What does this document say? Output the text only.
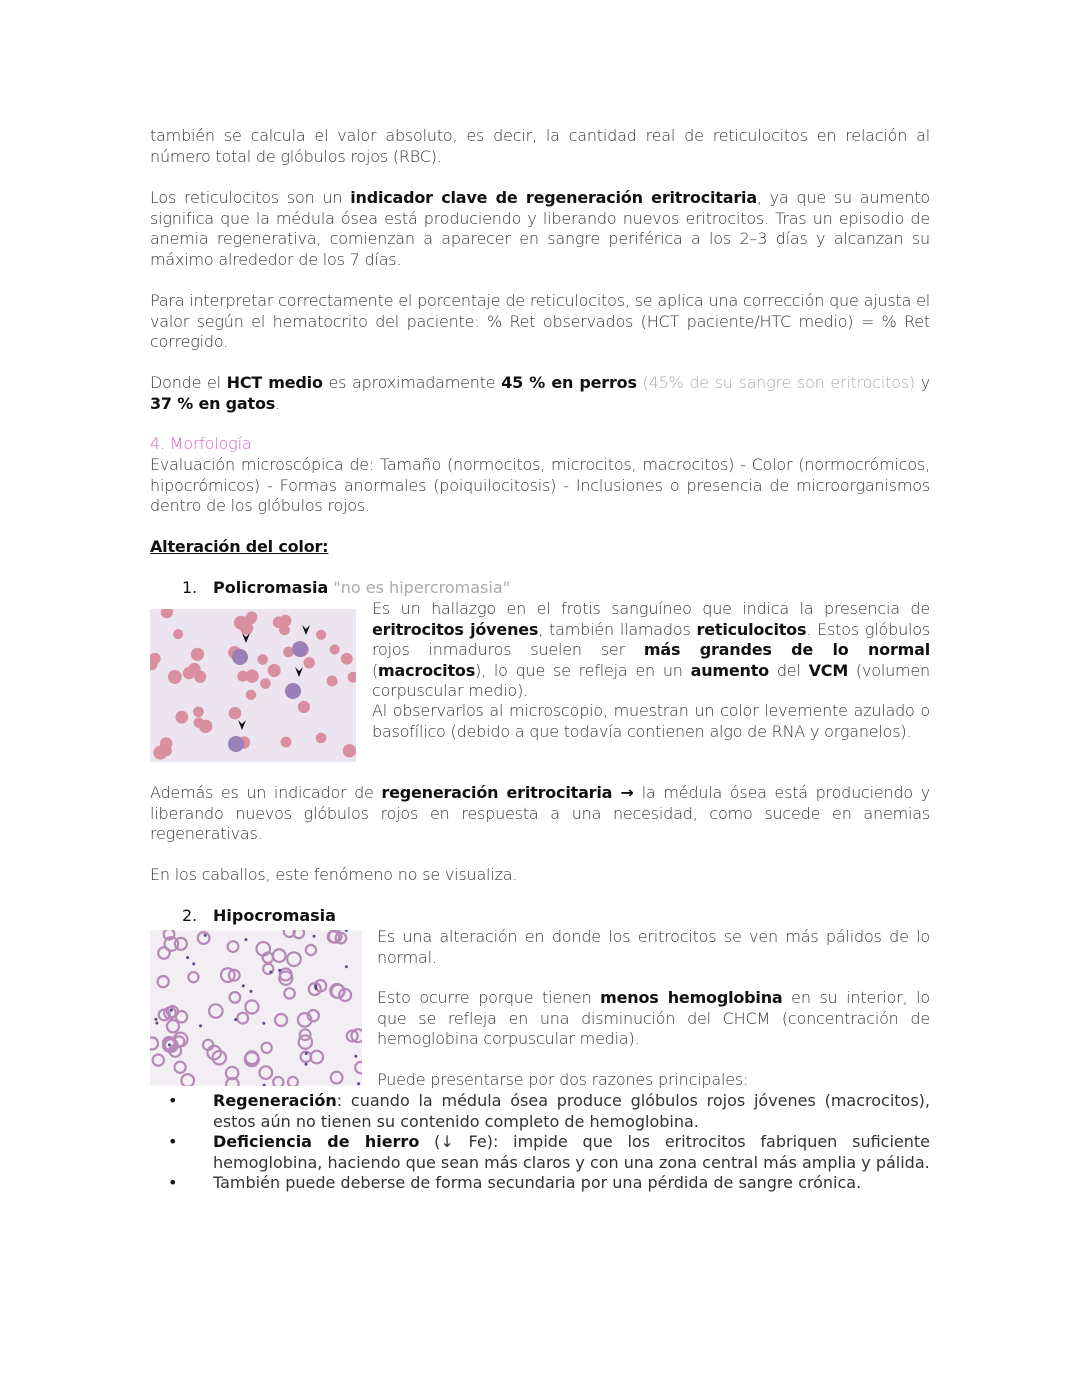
también se calcula el valor absoluto, es decir, la cantidad real de reticulocitos en relación al número total de glóbulos rojos (RBC).
Los reticulocitos son un indicador clave de regeneración eritrocitaria, ya que su aumento significa que la médula ósea está produciendo y liberando nuevos eritrocitos. Tras un episodio de anemia regenerativa, comienzan a aparecer en sangre periférica a los 2–3 días y alcanzan su máximo alrededor de los 7 días.
Para interpretar correctamente el porcentaje de reticulocitos, se aplica una corrección que ajusta el valor según el hematocrito del paciente: % Ret observados (HCT paciente/HTC medio) = % Ret corregido.
Donde el HCT medio es aproximadamente 45 % en perros (45% de su sangre son eritrocitos) y 37 % en gatos.
4. Morfología
Evaluación microscópica de: Tamaño (normocitos, microcitos, macrocitos) - Color (normocrómicos, hipocrómicos) - Formas anormales (poiquilocitosis) - Inclusiones o presencia de microorganismos dentro de los glóbulos rojos.
Alteración del color:
1. Policromasia "no es hipercromasia"
Es un hallazgo en el frotis sanguíneo que indica la presencia de eritrocitos jóvenes, también llamados reticulocitos. Estos glóbulos rojos inmaduros suelen ser más grandes de lo normal (macrocitos), lo que se refleja en un aumento del VCM (volumen corpuscular medio).
Al observarlos al microscopio, muestran un color levemente azulado o basofílico (debido a que todavía contienen algo de RNA y organelos).
Además es un indicador de regeneración eritrocitaria → la médula ósea está produciendo y liberando nuevos glóbulos rojos en respuesta a una necesidad, como sucede en anemias regenerativas.
En los caballos, este fenómeno no se visualiza.
2. Hipocromasia
Es una alteración en donde los eritrocitos se ven más pálidos de lo normal.
Esto ocurre porque tienen menos hemoglobina en su interior, lo que se refleja en una disminución del CHCM (concentración de hemoglobina corpuscular media).
Puede presentarse por dos razones principales:
• Regeneración: cuando la médula ósea produce glóbulos rojos jóvenes (macrocitos), estos aún no tienen su contenido completo de hemoglobina.
• Deficiencia de hierro (↓ Fe): impide que los eritrocitos fabriquen suficiente hemoglobina, haciendo que sean más claros y con una zona central más amplia y pálida.
• También puede deberse de forma secundaria por una pérdida de sangre crónica.
